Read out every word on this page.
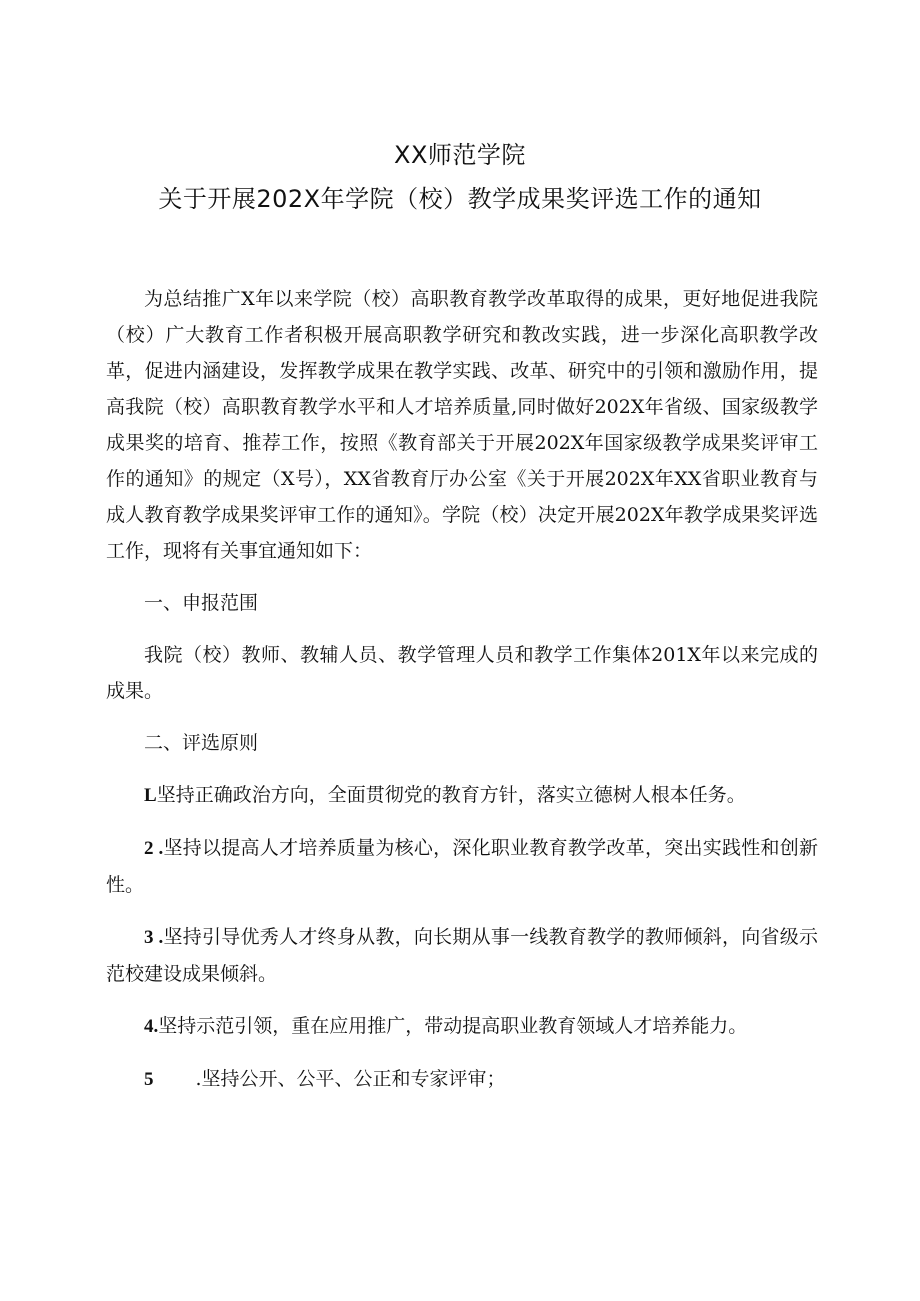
XX师范学院
关于开展202X年学院（校）教学成果奖评选工作的通知

为总结推广X年以来学院（校）高职教育教学改革取得的成果，更好地促进我院（校）广大教育工作者积极开展高职教学研究和教改实践，进一步深化高职教学改革，促进内涵建设，发挥教学成果在教学实践、改革、研究中的引领和激励作用，提高我院（校）高职教育教学水平和人才培养质量,同时做好202X年省级、国家级教学成果奖的培育、推荐工作，按照《教育部关于开展202X年国家级教学成果奖评审工作的通知》的规定（X号），XX省教育厅办公室《关于开展202X年XX省职业教育与成人教育教学成果奖评审工作的通知》。学院（校）决定开展202X年教学成果奖评选工作，现将有关事宜通知如下：

一、申报范围

我院（校）教师、教辅人员、教学管理人员和教学工作集体201X年以来完成的成果。

二、评选原则

L坚持正确政治方向，全面贯彻党的教育方针，落实立德树人根本任务。

2 .坚持以提高人才培养质量为核心，深化职业教育教学改革，突出实践性和创新性。

3 .坚持引导优秀人才终身从教，向长期从事一线教育教学的教师倾斜，向省级示范校建设成果倾斜。

4.坚持示范引领，重在应用推广，带动提高职业教育领域人才培养能力。

5 .坚持公开、公平、公正和专家评审；
